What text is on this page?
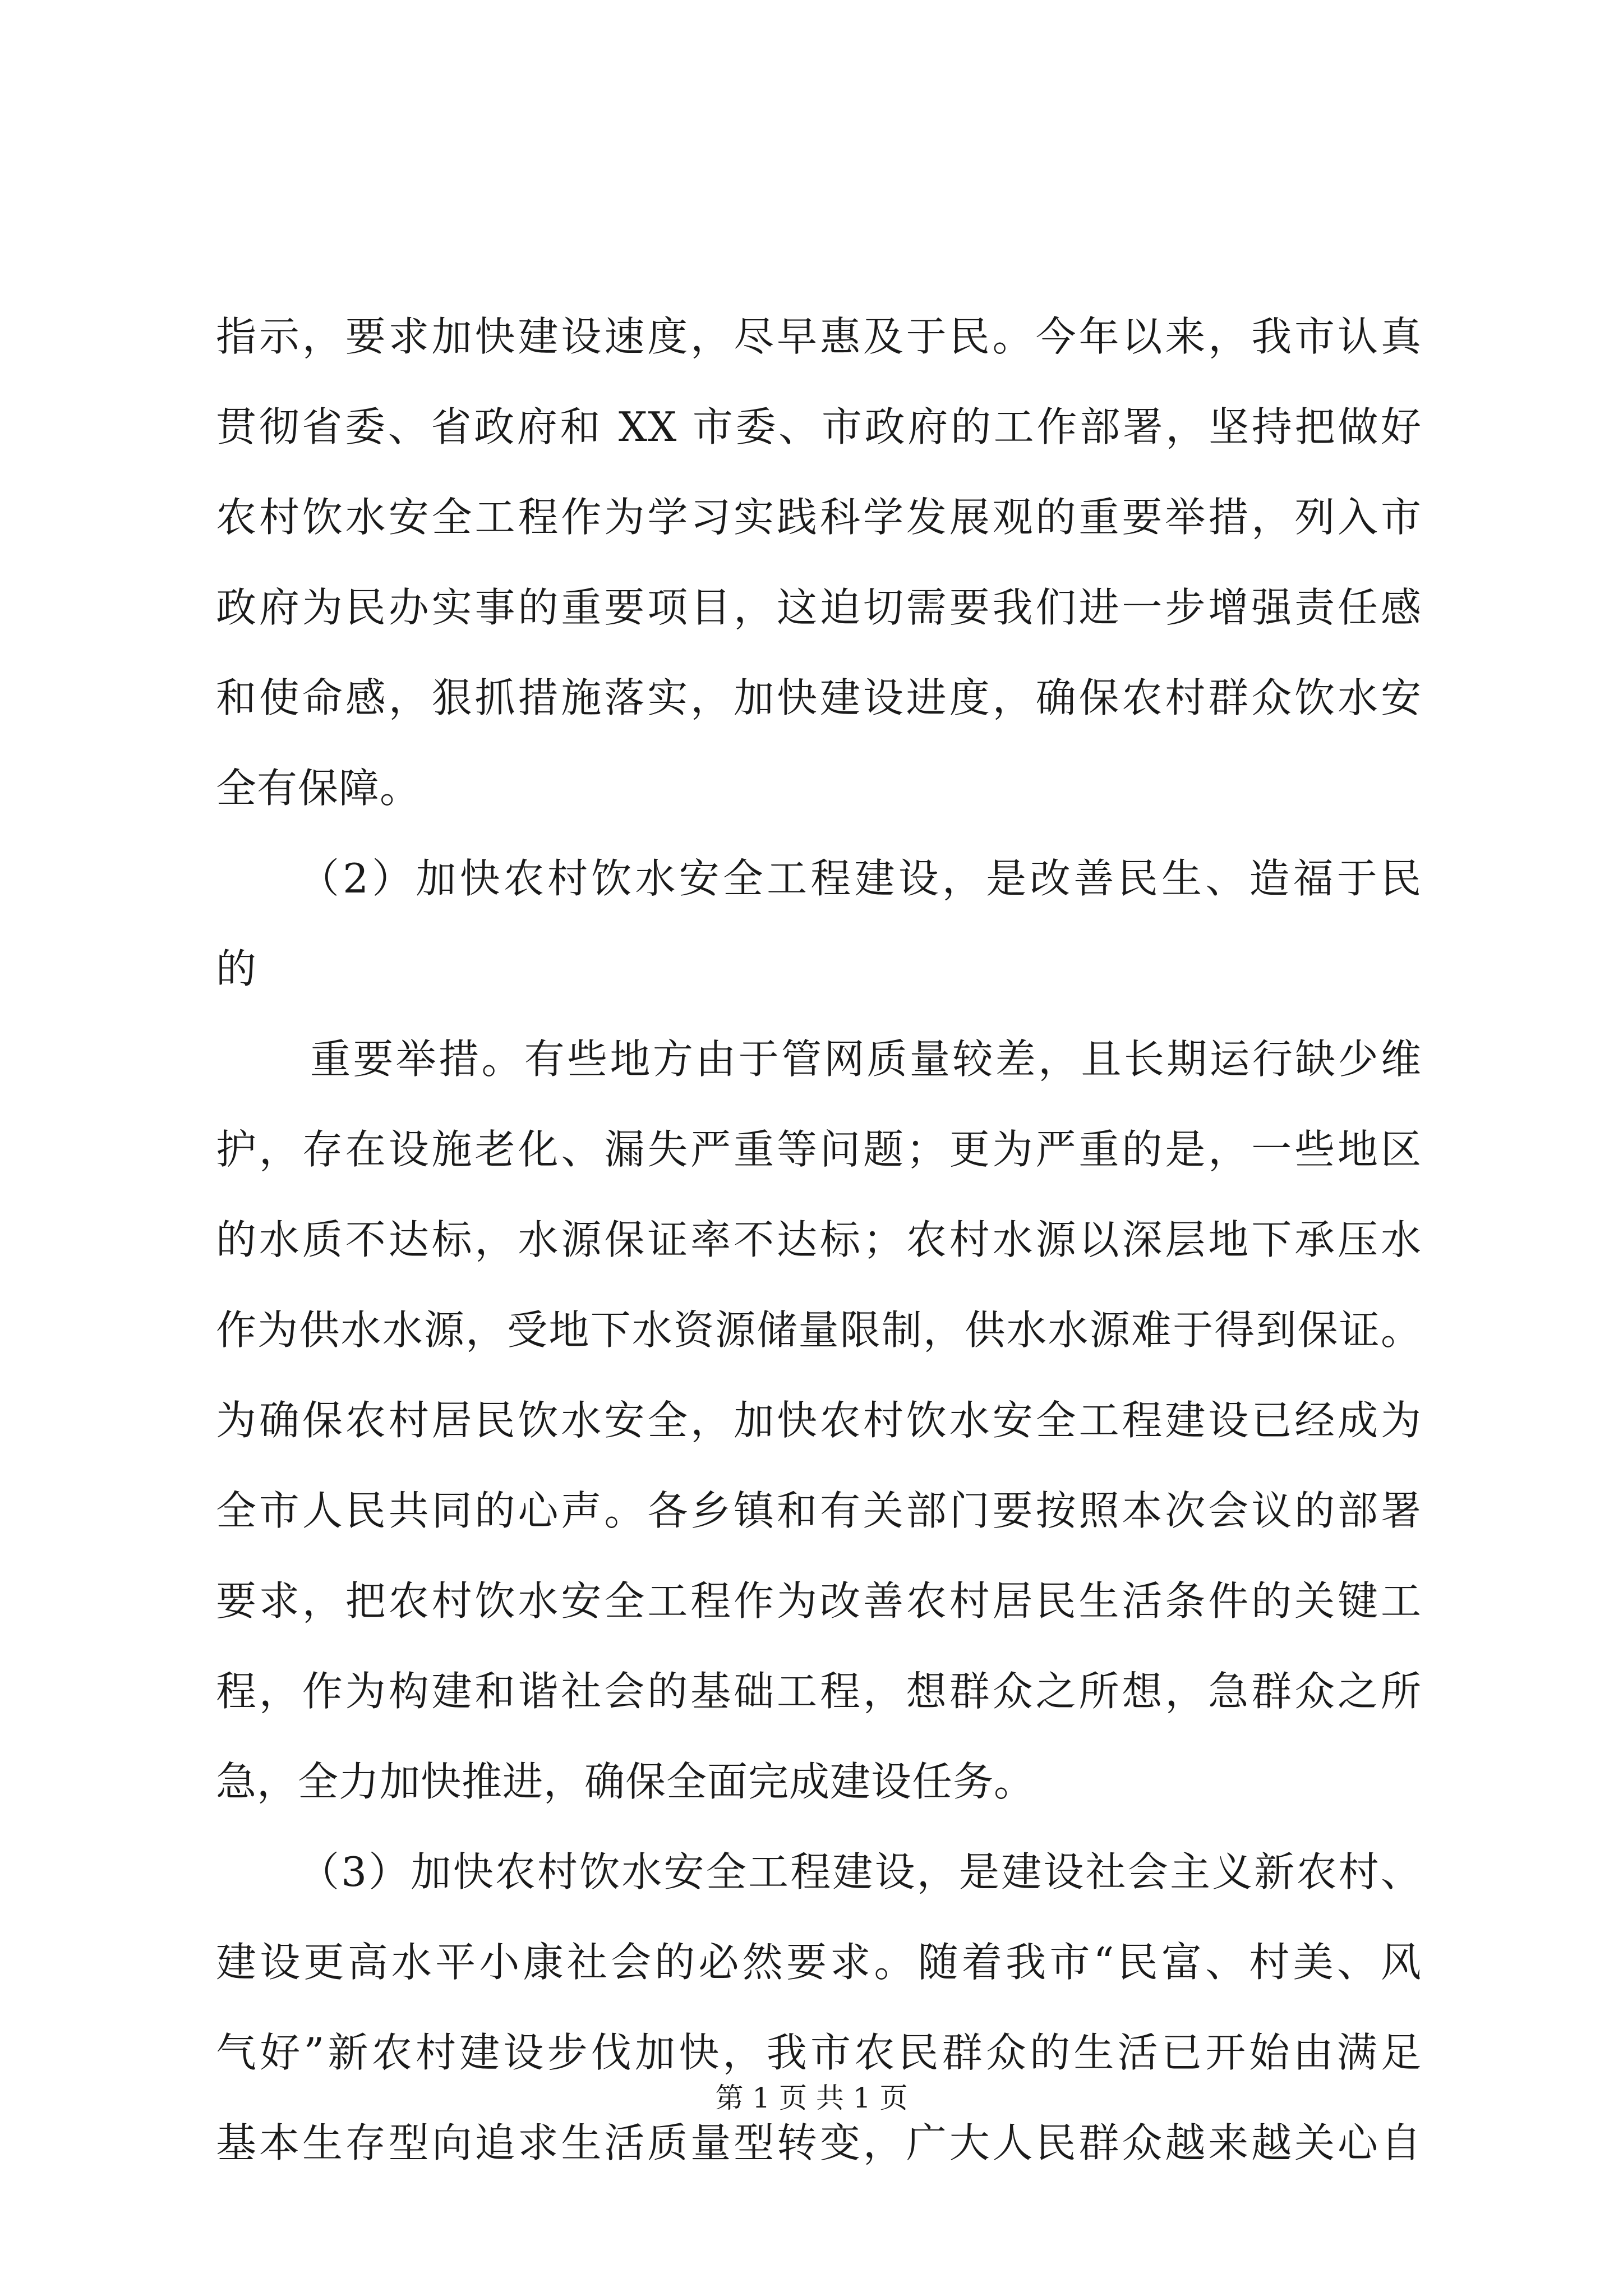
指示，要求加快建设速度，尽早惠及于民。今年以来，我市认真
贯彻省委、省政府和 XX 市委、市政府的工作部署，坚持把做好
农村饮水安全工程作为学习实践科学发展观的重要举措，列入市
政府为民办实事的重要项目，这迫切需要我们进一步增强责任感
和使命感，狠抓措施落实，加快建设进度，确保农村群众饮水安
全有保障。
（2）加快农村饮水安全工程建设，是改善民生、造福于民
的
重要举措。有些地方由于管网质量较差，且长期运行缺少维
护，存在设施老化、漏失严重等问题；更为严重的是，一些地区
的水质不达标，水源保证率不达标；农村水源以深层地下承压水
作为供水水源，受地下水资源储量限制，供水水源难于得到保证。
为确保农村居民饮水安全，加快农村饮水安全工程建设已经成为
全市人民共同的心声。各乡镇和有关部门要按照本次会议的部署
要求，把农村饮水安全工程作为改善农村居民生活条件的关键工
程，作为构建和谐社会的基础工程，想群众之所想，急群众之所
急，全力加快推进，确保全面完成建设任务。
（3）加快农村饮水安全工程建设，是建设社会主义新农村、
建设更高水平小康社会的必然要求。随着我市“民富、村美、风
气好”新农村建设步伐加快，我市农民群众的生活已开始由满足
基本生存型向追求生活质量型转变，广大人民群众越来越关心自
第 1 页 共 1 页
